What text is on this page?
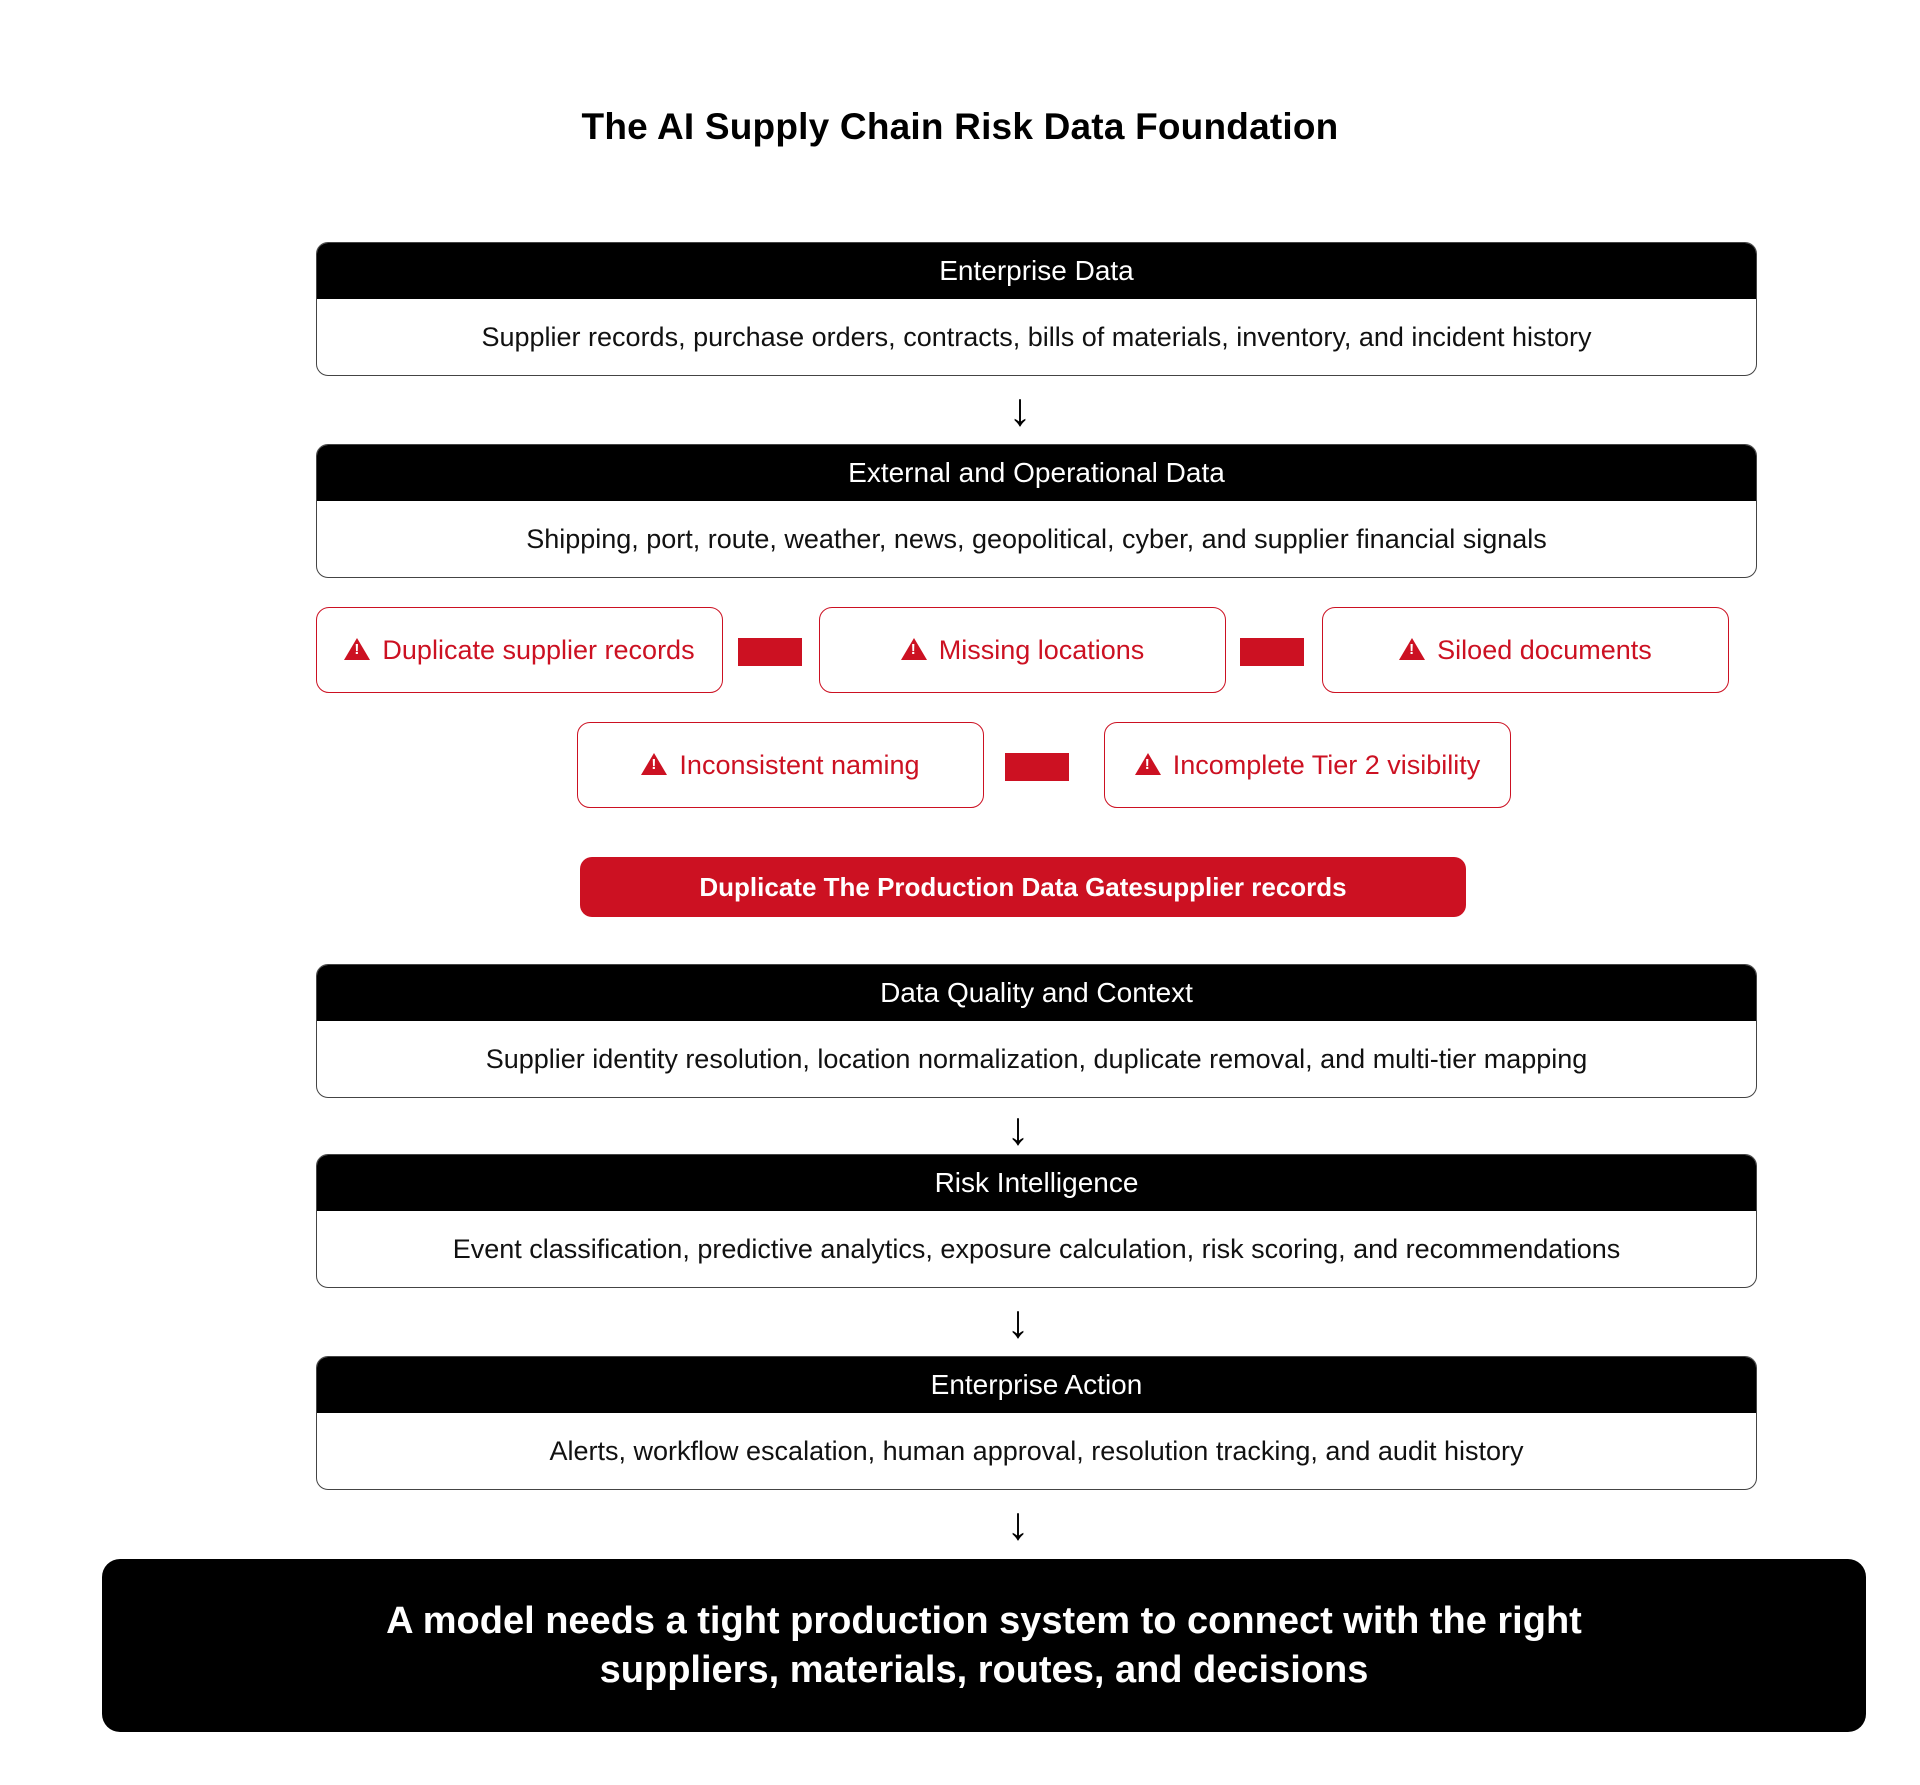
The AI Supply Chain Risk Data Foundation
Enterprise Data
Supplier records, purchase orders, contracts, bills of materials, inventory, and incident history
↓
External and Operational Data
Shipping, port, route, weather, news, geopolitical, cyber, and supplier financial signals
!
Duplicate supplier records !	Missing locations !	Siloed documents
!
Inconsistent naming !	Incomplete Tier 2 visibility
Duplicate The Production Data Gatesupplier records
Data Quality and Context
Supplier identity resolution, location normalization, duplicate removal, and multi-tier mapping
↓
Risk Intelligence
Event classification, predictive analytics, exposure calculation, risk scoring, and recommendations
↓
Enterprise Action
Alerts, workflow escalation, human approval, resolution tracking, and audit history
↓
A model needs a tight production system to connect with the right
suppliers, materials, routes, and decisions
